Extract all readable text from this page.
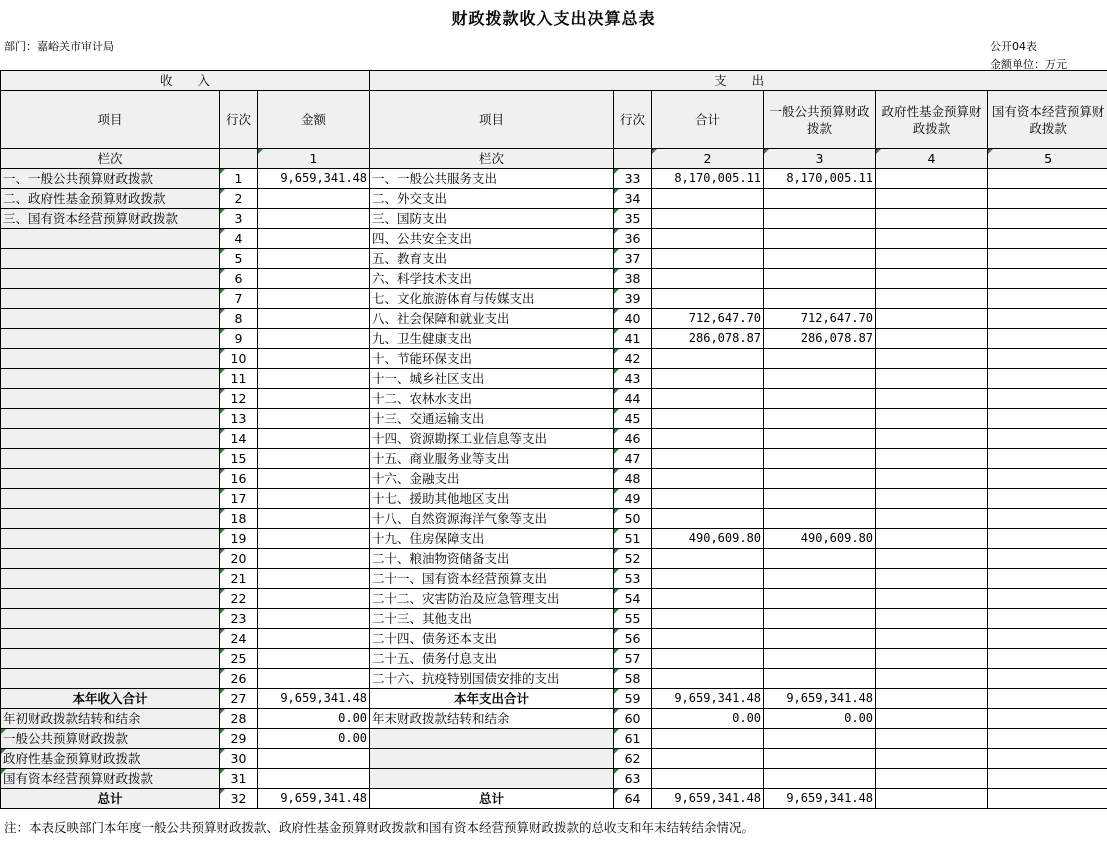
财政拨款收入支出决算总表
部门：嘉峪关市审计局	公开04表
金额单位：万元
收　　入			支　　出					
项目	行次	金额	项目	行次	合计	一般公共预算财政拨款	政府性基金预算财政拨款	国有资本经营预算财政拨款
栏次		1	栏次		2	3	4	5
一、一般公共预算财政拨款	1	9,659,341.48	一、一般公共服务支出	33	8,170,005.11	8,170,005.11		
二、政府性基金预算财政拨款	2		二、外交支出	34				
三、国有资本经营预算财政拨款	3		三、国防支出	35				
	4		四、公共安全支出	36				
	5		五、教育支出	37				
	6		六、科学技术支出	38				
	7		七、文化旅游体育与传媒支出	39				
	8		八、社会保障和就业支出	40	712,647.70	712,647.70		
	9		九、卫生健康支出	41	286,078.87	286,078.87		
	10		十、节能环保支出	42				
	11		十一、城乡社区支出	43				
	12		十二、农林水支出	44				
	13		十三、交通运输支出	45				
	14		十四、资源勘探工业信息等支出	46				
	15		十五、商业服务业等支出	47				
	16		十六、金融支出	48				
	17		十七、援助其他地区支出	49				
	18		十八、自然资源海洋气象等支出	50				
	19		十九、住房保障支出	51	490,609.80	490,609.80		
	20		二十、粮油物资储备支出	52				
	21		二十一、国有资本经营预算支出	53				
	22		二十二、灾害防治及应急管理支出	54				
	23		二十三、其他支出	55				
	24		二十四、债务还本支出	56				
	25		二十五、债务付息支出	57				
	26		二十六、抗疫特别国债安排的支出	58				
本年收入合计	27	9,659,341.48	本年支出合计	59	9,659,341.48	9,659,341.48		
年初财政拨款结转和结余	28	0.00	年末财政拨款结转和结余	60	0.00	0.00		
一般公共预算财政拨款	29	0.00		61				
政府性基金预算财政拨款	30			62				
国有资本经营预算财政拨款	31			63				
总计	32	9,659,341.48	总计	64	9,659,341.48	9,659,341.48		
注：本表反映部门本年度一般公共预算财政拨款、政府性基金预算财政拨款和国有资本经营预算财政拨款的总收支和年末结转结余情况。
